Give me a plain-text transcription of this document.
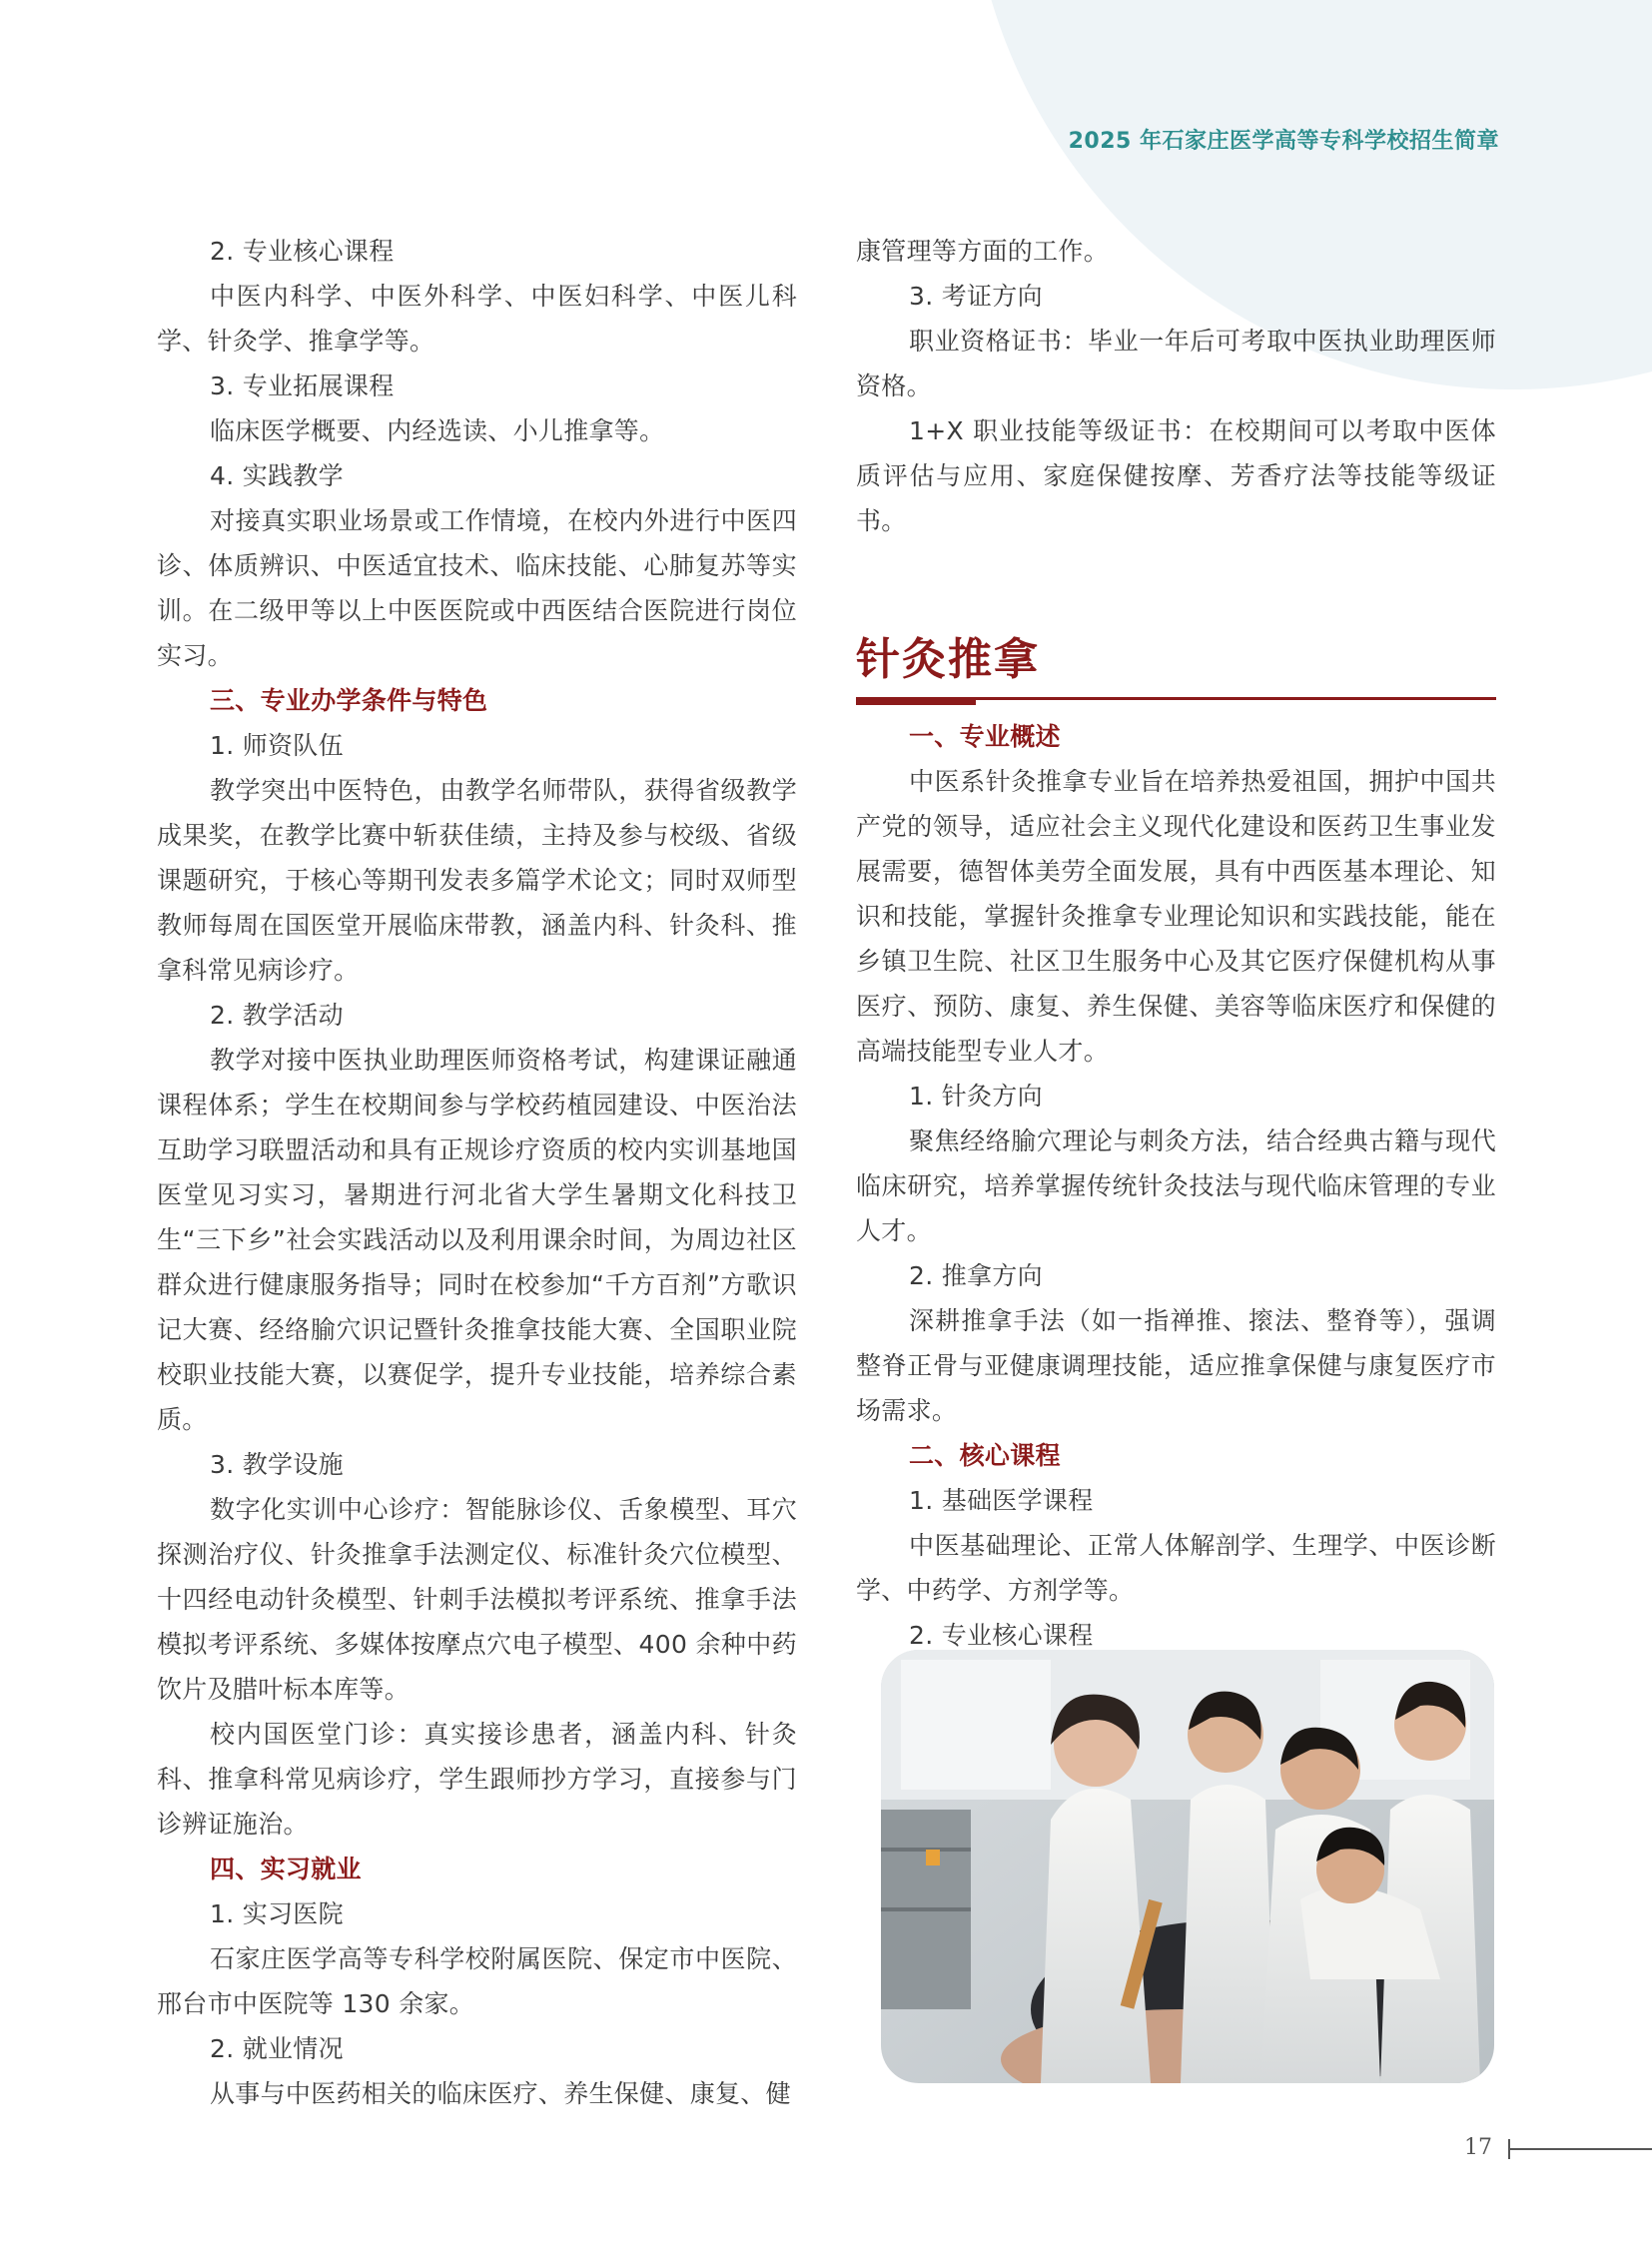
2025 年石家庄医学高等专科学校招生简章

2. 专业核心课程

中医内科学、中医外科学、中医妇科学、中医儿科学、针灸学、推拿学等。

3. 专业拓展课程

临床医学概要、内经选读、小儿推拿等。

4. 实践教学

对接真实职业场景或工作情境，在校内外进行中医四诊、体质辨识、中医适宜技术、临床技能、心肺复苏等实训。在二级甲等以上中医医院或中西医结合医院进行岗位实习。

三、专业办学条件与特色

1. 师资队伍

教学突出中医特色，由教学名师带队，获得省级教学成果奖，在教学比赛中斩获佳绩，主持及参与校级、省级课题研究，于核心等期刊发表多篇学术论文；同时双师型教师每周在国医堂开展临床带教，涵盖内科、针灸科、推拿科常见病诊疗。

2. 教学活动

教学对接中医执业助理医师资格考试，构建课证融通课程体系；学生在校期间参与学校药植园建设、中医治法互助学习联盟活动和具有正规诊疗资质的校内实训基地国医堂见习实习，暑期进行河北省大学生暑期文化科技卫生“三下乡”社会实践活动以及利用课余时间，为周边社区群众进行健康服务指导；同时在校参加“千方百剂”方歌识记大赛、经络腧穴识记暨针灸推拿技能大赛、全国职业院校职业技能大赛，以赛促学，提升专业技能，培养综合素质。

3. 教学设施

数字化实训中心诊疗：智能脉诊仪、舌象模型、耳穴探测治疗仪、针灸推拿手法测定仪、标准针灸穴位模型、十四经电动针灸模型、针刺手法模拟考评系统、推拿手法模拟考评系统、多媒体按摩点穴电子模型、400 余种中药饮片及腊叶标本库等。

校内国医堂门诊：真实接诊患者，涵盖内科、针灸科、推拿科常见病诊疗，学生跟师抄方学习，直接参与门诊辨证施治。

四、实习就业

1. 实习医院

石家庄医学高等专科学校附属医院、保定市中医院、邢台市中医院等 130 余家。

2. 就业情况

从事与中医药相关的临床医疗、养生保健、康复、健

康管理等方面的工作。

3. 考证方向

职业资格证书：毕业一年后可考取中医执业助理医师资格。

1+X 职业技能等级证书：在校期间可以考取中医体质评估与应用、家庭保健按摩、芳香疗法等技能等级证书。

针灸推拿

一、专业概述

中医系针灸推拿专业旨在培养热爱祖国，拥护中国共产党的领导，适应社会主义现代化建设和医药卫生事业发展需要，德智体美劳全面发展，具有中西医基本理论、知识和技能，掌握针灸推拿专业理论知识和实践技能，能在乡镇卫生院、社区卫生服务中心及其它医疗保健机构从事医疗、预防、康复、养生保健、美容等临床医疗和保健的高端技能型专业人才。

1. 针灸方向

聚焦经络腧穴理论与刺灸方法，结合经典古籍与现代临床研究，培养掌握传统针灸技法与现代临床管理的专业人才。

2. 推拿方向

深耕推拿手法（如一指禅推、㨰法、整脊等），强调整脊正骨与亚健康调理技能，适应推拿保健与康复医疗市场需求。

二、核心课程

1. 基础医学课程

中医基础理论、正常人体解剖学、生理学、中医诊断学、中药学、方剂学等。

2. 专业核心课程

17
